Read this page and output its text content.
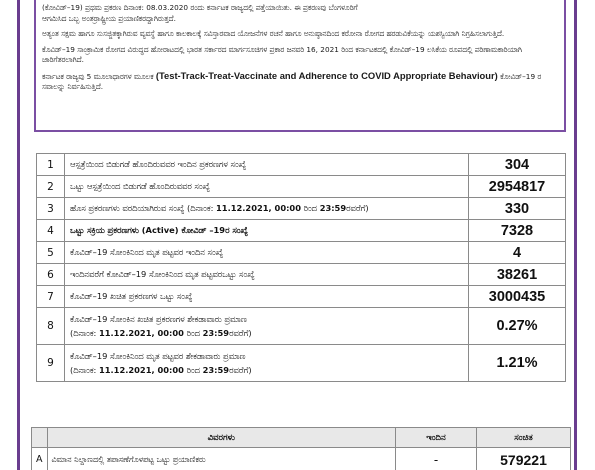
(ಕೋವಿಡ್–19) ಪ್ರಥಮ ಪ್ರಕರಣ ದಿನಾಂಕ: 08.03.2020 ರಂದು ಕರ್ನಾಟಕ ರಾಜ್ಯದಲ್ಲಿ ಪತ್ತೆಯಾಯಿತು. ಈ ಪ್ರಕರಣವು ಬೆಂಗಳೂರಿಗೆ
ಆಗಮಿಸಿದ ಒಬ್ಬ ಅಂತರ್ರಾಷ್ಟ್ರೀಯ ಪ್ರಯಾಣಿಕರದ್ದಾಗಿರುತ್ತದೆ.

ಅತ್ಯಂತ ಸಕ್ಷಮ ಹಾಗೂ ಸುಸಜ್ಜಿತಕ್ಕಾಗಿರುವ ವ್ಯವಸ್ಥೆ ಹಾಗೂ ಕಾಲಕಾಲಕ್ಕೆ ಸವಿಸ್ತಾರವಾದ ಯೋಜನೆಗಳ ರಚನೆ ಹಾಗೂ ಅನುಷ್ಠಾನದಿಂದ ಕರೋನಾ ರೋಗದ ಹರಡುವಿಕೆಯನ್ನು ಯಶಸ್ವಿಯಾಗಿ ನಿಗ್ರಹಿಸಲಾಗುತ್ತಿದೆ.

ಕೊವಿಡ್–19 ಸಾಂಕ್ರಾಮಿಕ ರೋಗದ ವಿರುದ್ಧದ ಹೋರಾಟದಲ್ಲಿ ಭಾರತ ಸರ್ಕಾರದ ಮಾರ್ಗಸೂಚಿಗಳ ಪ್ರಕಾರ ಜನವರಿ 16, 2021 ರಿಂದ ಕರ್ನಾಟಕದಲ್ಲಿ ಕೋವಿಡ್–19 ಲಸಿಕೆಯ ರೂಪದಲ್ಲಿ ಪರಿಣಾಮಕಾರಿಯಾಗಿ ಜಾರಿಗೆತರಲಾಗಿದೆ.

ಕರ್ನಾಟಕ ರಾಜ್ಯವು 5 ಮೂಲಾಧಾರಗಳ ಮೂಲಕ (Test-Track-Treat-Vaccinate and Adherence to COVID Appropriate Behaviour) ಕೋವಿಡ್–19 ರ ಸವಾಲನ್ನು ನಿರ್ವಹಿಸುತ್ತಿದೆ.

1	ಆಸ್ಪತ್ರೆಯಿಂದ ಬಿಡುಗಡೆ ಹೊಂದಿರುವವರ ಇಂದಿನ ಪ್ರಕರಣಗಳ ಸಂಖ್ಯೆ	304
2	ಒಟ್ಟು ಆಸ್ಪತ್ರೆಯಿಂದ ಬಿಡುಗಡೆ ಹೊಂದಿರುವವರ ಸಂಖ್ಯೆ	2954817
3	ಹೊಸ ಪ್ರಕರಣಗಳು ವರದಿಯಾಗಿರುವ ಸಂಖ್ಯೆ (ದಿನಾಂಕ: 11.12.2021, 00:00 ರಿಂದ 23:59ರವರೆಗೆ)	330
4	ಒಟ್ಟು ಸಕ್ರಿಯ ಪ್ರಕರಣಗಳು (Active) ಕೋವಿಡ್ –19ರ ಸಂಖ್ಯೆ	7328
5	ಕೊವಿಡ್–19 ಸೋಂಕಿನಿಂದ ಮೃತ ಪಟ್ಟವರ ಇಂದಿನ ಸಂಖ್ಯೆ	4
6	ಇಂದಿನವರೆಗೆ ಕೋವಿಡ್–19 ಸೋಂಕಿನಿಂದ ಮೃತ ಪಟ್ಟವರಒಟ್ಟು ಸಂಖ್ಯೆ	38261
7	ಕೊವಿಡ್–19 ಖಚಿತ ಪ್ರಕರಣಗಳ ಒಟ್ಟು ಸಂಖ್ಯೆ	3000435
8	ಕೊವಿಡ್–19 ಸೋಂಕಿನ ಖಚಿತ ಪ್ರಕರಣಗಳ ಶೇಕಡಾವಾರು ಪ್ರಮಾಣ
(ದಿನಾಂಕ: 11.12.2021, 00:00 ರಿಂದ 23:59ರವರೆಗೆ)	0.27%
9	ಕೊವಿಡ್–19 ಸೋಂಕಿನಿಂದ ಮೃತ ಪಟ್ಟವರ ಶೇಕಡಾವಾರು ಪ್ರಮಾಣ
(ದಿನಾಂಕ: 11.12.2021, 00:00 ರಿಂದ 23:59ರವರೆಗೆ)	1.21%
	ವಿವರಗಳು	ಇಂದಿನ	ಸಂಚಿತ
A	ವಿಮಾನ ನಿಲ್ದಾಣದಲ್ಲಿ ತಪಾಸಣೆಗೊಳಪಟ್ಟ ಒಟ್ಟು ಪ್ರಯಾಣಿಕರು	-	579221
